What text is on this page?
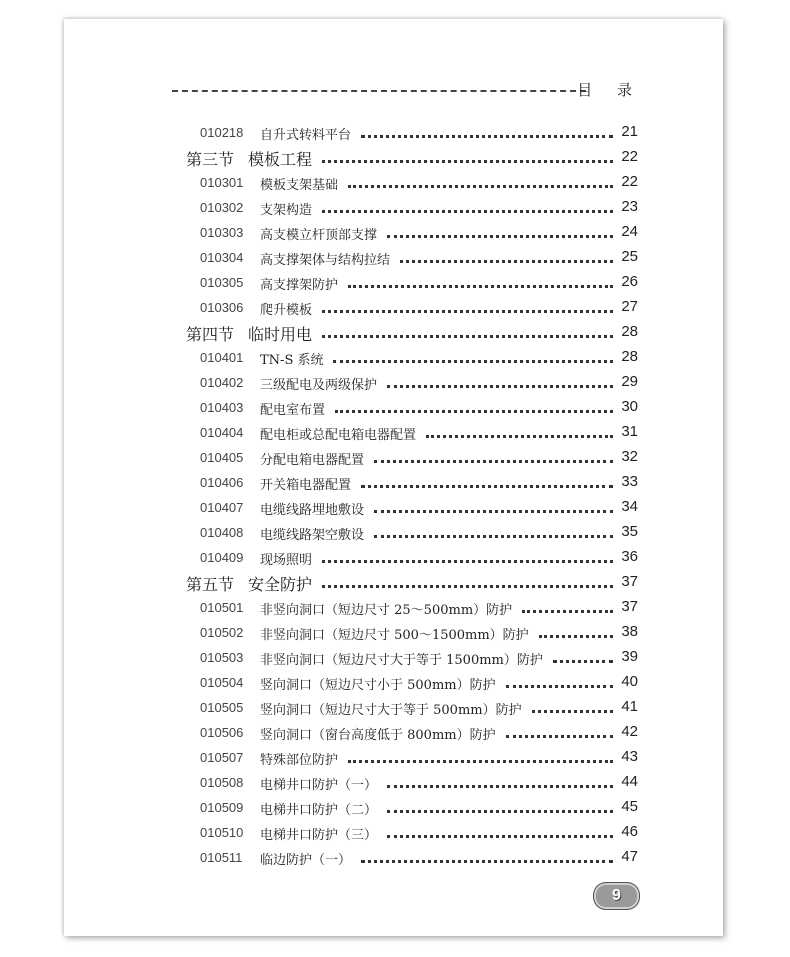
目 录
010218 自升式转料平台	21
第三节 模板工程	22
010301 模板支架基础	22
010302 支架构造	23
010303 高支模立杆顶部支撑	24
010304 高支撑架体与结构拉结	25
010305 高支撑架防护	26
010306 爬升模板	27
第四节 临时用电	28
010401 TN-S 系统	28
010402 三级配电及两级保护	29
010403 配电室布置	30
010404 配电柜或总配电箱电器配置	31
010405 分配电箱电器配置	32
010406 开关箱电器配置	33
010407 电缆线路埋地敷设	34
010408 电缆线路架空敷设	35
010409 现场照明	36
第五节 安全防护	37
010501 非竖向洞口（短边尺寸 25～500mm）防护	37
010502 非竖向洞口（短边尺寸 500～1500mm）防护	38
010503 非竖向洞口（短边尺寸大于等于 1500mm）防护	39
010504 竖向洞口（短边尺寸小于 500mm）防护	40
010505 竖向洞口（短边尺寸大于等于 500mm）防护	41
010506 竖向洞口（窗台高度低于 800mm）防护	42
010507 特殊部位防护	43
010508 电梯井口防护（一）	44
010509 电梯井口防护（二）	45
010510 电梯井口防护（三）	46
010511 临边防护（一）	47
9
